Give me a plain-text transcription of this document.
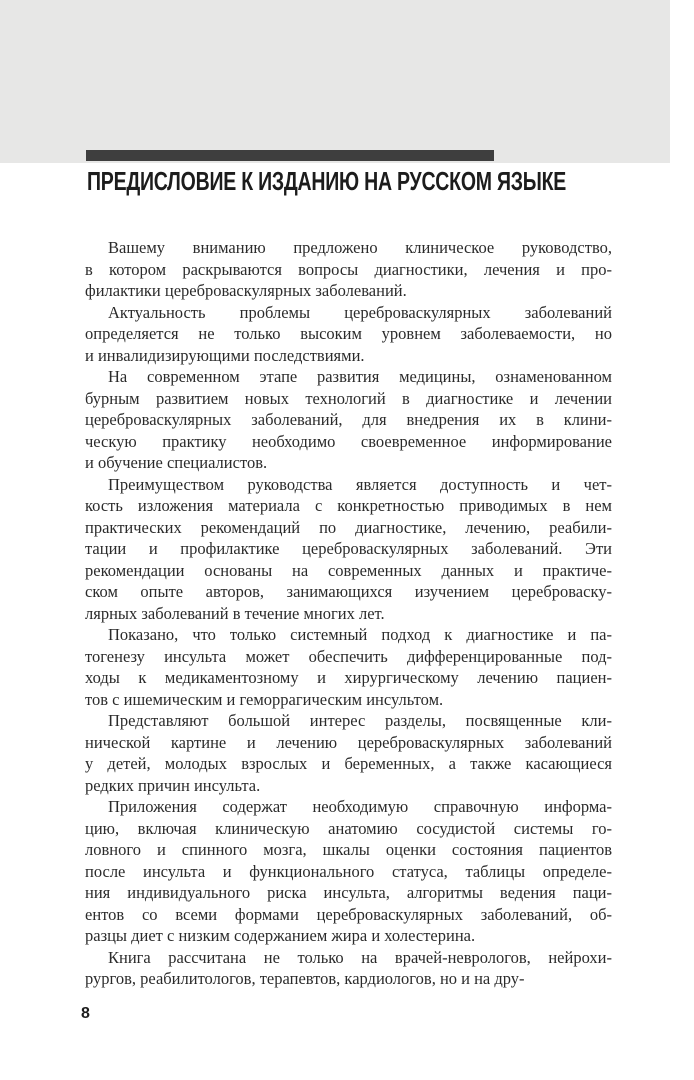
ПРЕДИСЛОВИЕ К ИЗДАНИЮ НА РУССКОМ ЯЗЫКЕ

Вашему вниманию предложено клиническое руководство,
в котором раскрываются вопросы диагностики, лечения и про-
филактики цереброваскулярных заболеваний.

Актуальность проблемы цереброваскулярных заболеваний
определяется не только высоким уровнем заболеваемости, но
и инвалидизирующими последствиями.

На современном этапе развития медицины, ознаменованном
бурным развитием новых технологий в диагностике и лечении
цереброваскулярных заболеваний, для внедрения их в клини-
ческую практику необходимо своевременное информирование
и обучение специалистов.

Преимуществом руководства является доступность и чет-
кость изложения материала с конкретностью приводимых в нем
практических рекомендаций по диагностике, лечению, реабили-
тации и профилактике цереброваскулярных заболеваний. Эти
рекомендации основаны на современных данных и практиче-
ском опыте авторов, занимающихся изучением цереброваску-
лярных заболеваний в течение многих лет.

Показано, что только системный подход к диагностике и па-
тогенезу инсульта может обеспечить дифференцированные под-
ходы к медикаментозному и хирургическому лечению пациен-
тов с ишемическим и геморрагическим инсультом.

Представляют большой интерес разделы, посвященные кли-
нической картине и лечению цереброваскулярных заболеваний
у детей, молодых взрослых и беременных, а также касающиеся
редких причин инсульта.

Приложения содержат необходимую справочную информа-
цию, включая клиническую анатомию сосудистой системы го-
ловного и спинного мозга, шкалы оценки состояния пациентов
после инсульта и функционального статуса, таблицы определе-
ния индивидуального риска инсульта, алгоритмы ведения паци-
ентов со всеми формами цереброваскулярных заболеваний, об-
разцы диет с низким содержанием жира и холестерина.

Книга рассчитана не только на врачей-неврологов, нейрохи-
рургов, реабилитологов, терапевтов, кардиологов, но и на дру-

8
